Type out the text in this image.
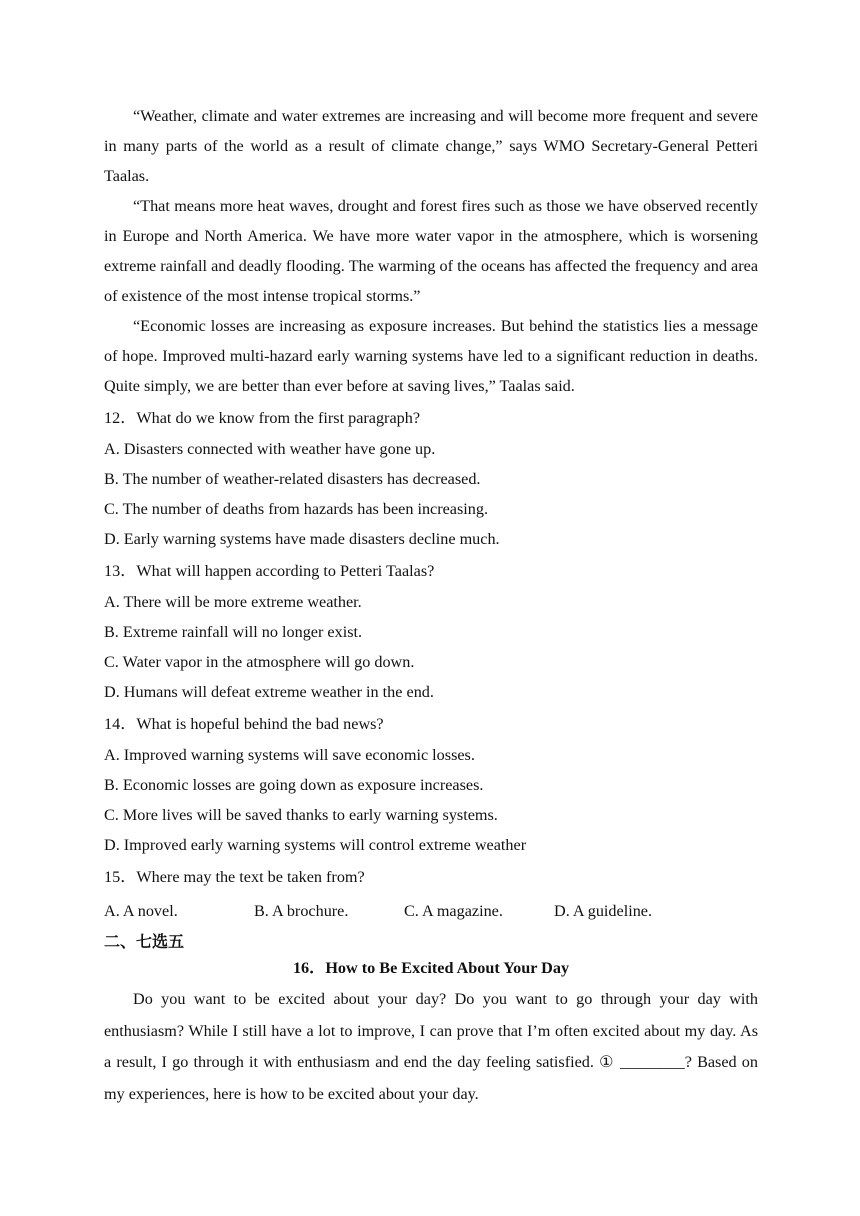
“Weather, climate and water extremes are increasing and will become more frequent and severe in many parts of the world as a result of climate change,” says WMO Secretary-General Petteri Taalas.

“That means more heat waves, drought and forest fires such as those we have observed recently in Europe and North America. We have more water vapor in the atmosphere, which is worsening extreme rainfall and deadly flooding. The warming of the oceans has affected the frequency and area of existence of the most intense tropical storms.”

“Economic losses are increasing as exposure increases. But behind the statistics lies a message of hope. Improved multi-hazard early warning systems have led to a significant reduction in deaths. Quite simply, we are better than ever before at saving lives,” Taalas said.

12． What do we know from the first paragraph?

A. Disasters connected with weather have gone up.

B. The number of weather-related disasters has decreased.

C. The number of deaths from hazards has been increasing.

D. Early warning systems have made disasters decline much.

13． What will happen according to Petteri Taalas?

A. There will be more extreme weather.

B. Extreme rainfall will no longer exist.

C. Water vapor in the atmosphere will go down.

D. Humans will defeat extreme weather in the end.

14． What is hopeful behind the bad news?

A. Improved warning systems will save economic losses.

B. Economic losses are going down as exposure increases.

C. More lives will be saved thanks to early warning systems.

D. Improved early warning systems will control extreme weather

15． Where may the text be taken from?
A. A novel.	B. A brochure.	C. A magazine.	D. A guideline.
二、七选五
16．How to Be Excited About Your Day

Do you want to be excited about your day? Do you want to go through your day with enthusiasm? While I still have a lot to improve, I can prove that I’m often excited about my day. As a result, I go through it with enthusiasm and end the day feeling satisfied. ① ________? Based on my experiences, here is how to be excited about your day.
